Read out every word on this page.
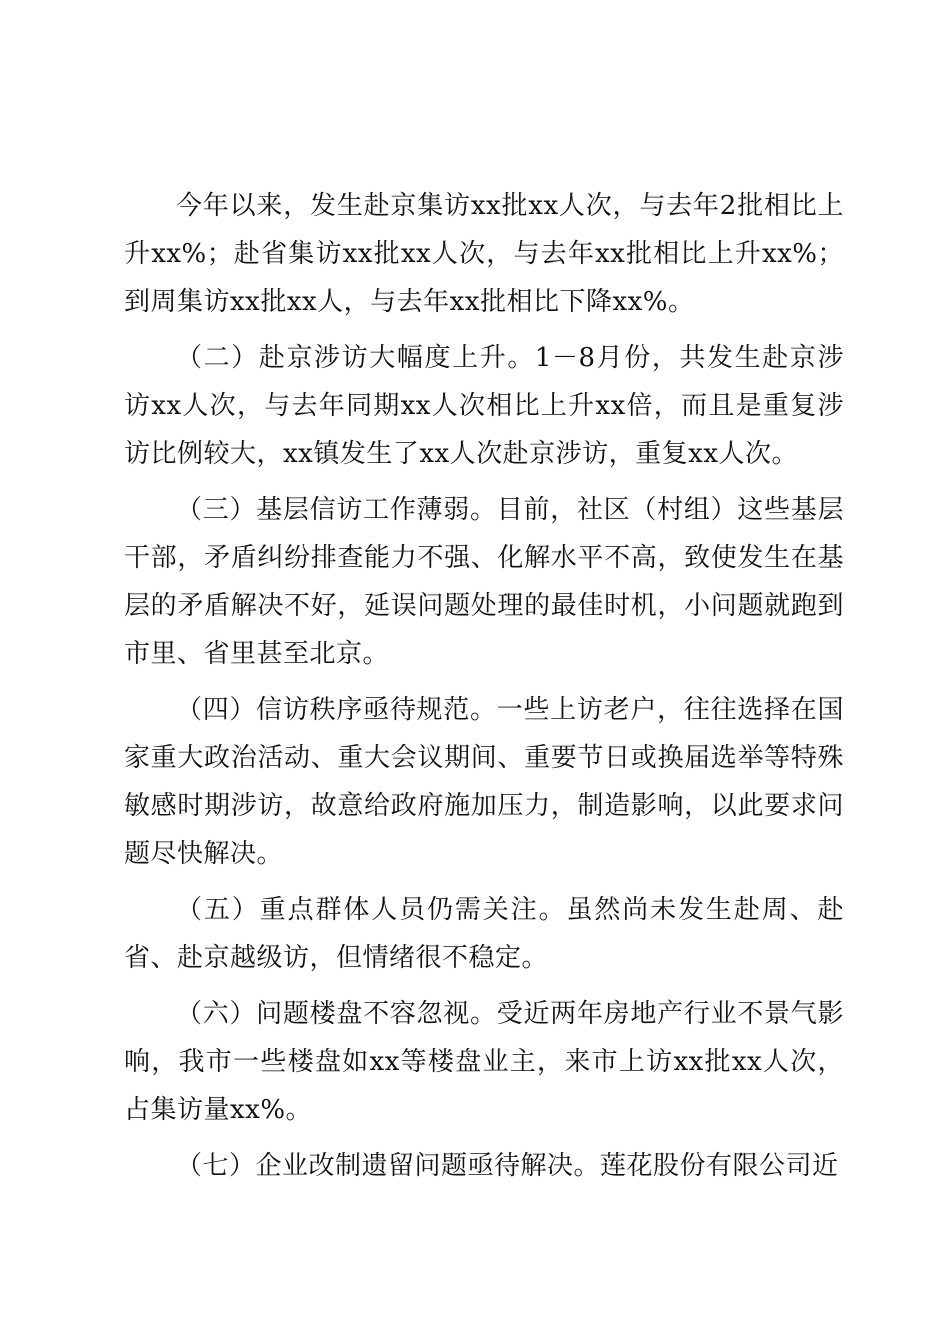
今年以来，发生赴京集访xx批xx人次，与去年2批相比上升xx%；赴省集访xx批xx人次，与去年xx批相比上升xx%；到周集访xx批xx人，与去年xx批相比下降xx%。

（二）赴京涉访大幅度上升。1－8月份，共发生赴京涉访xx人次，与去年同期xx人次相比上升xx倍，而且是重复涉访比例较大，xx镇发生了xx人次赴京涉访，重复xx人次。

（三）基层信访工作薄弱。目前，社区（村组）这些基层干部，矛盾纠纷排查能力不强、化解水平不高，致使发生在基层的矛盾解决不好，延误问题处理的最佳时机，小问题就跑到市里、省里甚至北京。

（四）信访秩序亟待规范。一些上访老户，往往选择在国家重大政治活动、重大会议期间、重要节日或换届选举等特殊敏感时期涉访，故意给政府施加压力，制造影响，以此要求问题尽快解决。

（五）重点群体人员仍需关注。虽然尚未发生赴周、赴省、赴京越级访，但情绪很不稳定。

（六）问题楼盘不容忽视。受近两年房地产行业不景气影响，我市一些楼盘如xx等楼盘业主，来市上访xx批xx人次，占集访量xx%。

（七）企业改制遗留问题亟待解决。莲花股份有限公司近
